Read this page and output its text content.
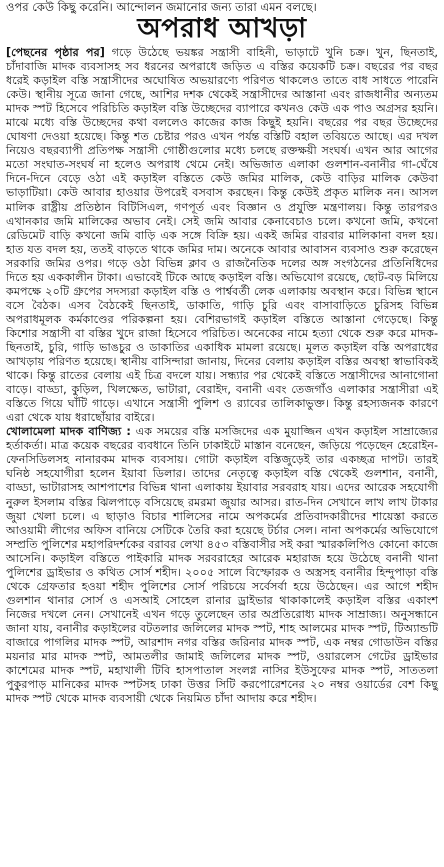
ওপর কেউ কিছু করেনি। আন্দোলন জমানোর জন্য তারা এমন বলছে।
অপরাধ আখড়া

[পেছনের পৃষ্ঠার পর] গড়ে উঠেছে ভয়ঙ্কর সন্ত্রাসী বাহিনী, ভাড়াটে খুনি চক্র। খুন, ছিনতাই, চাঁদাবাজি মাদক ব্যবসাসহ সব ধরনের অপরাধে জড়িত এ বস্তির কয়েকটি চক্র। বছরের পর বছর ধরেই কড়াইল বস্তি সন্ত্রাসীদের অঘোষিত অভয়ারণ্যে পরিণত থাকলেও তাতে বাধ সাধতে পারেনি কেউ। স্থানীয় সূত্রে জানা গেছে, আশির দশক থেকেই সন্ত্রাসীদের আস্তানা এবং রাজধানীর অন্যতম মাদক স্পট হিসেবে পরিচিতি কড়াইল বস্তি উচ্ছেদের ব্যাপারে কখনও কেউ এক পাও অগ্রসর হয়নি। মাঝে মধ্যে বস্তি উচ্ছেদের কথা বললেও কাজের কাজ কিছুই হয়নি। বছরের পর বছর উচ্ছেদের ঘোষণা দেওয়া হয়েছে। কিন্তু শত চেষ্টার পরও এখন পর্যন্ত বস্তিটি বহাল তবিয়তে আছে। এর দখল নিয়েও বছরব্যাপী প্রতিপক্ষ সন্ত্রাসী গোষ্ঠীগুলোর মধ্যে চলছে রক্তক্ষয়ী সংঘর্ষ। এখন আর আগের মতো সংঘাত-সংঘর্ষ না হলেও অপরাধ থেমে নেই। অভিজাত এলাকা গুলশান-বনানীর গা-ঘেঁষে দিনে-দিনে বেড়ে ওঠা এই কড়াইল বস্তিতে কেউ জমির মালিক, কেউ বাড়ির মালিক কেউবা ভাড়াটিয়া। কেউ আবার হাওয়ার উপরেই বসবাস করছেন। কিন্তু কেউই প্রকৃত মালিক নন। আসল মালিক রাষ্ট্রীয় প্রতিষ্ঠান বিটিসিএল, গণপূর্ত এবং বিজ্ঞান ও প্রযুক্তি মন্ত্রণালয়। কিন্তু তারপরও এখানকার জমি মালিকের অভাব নেই। সেই জমি আবার কেনাবেচাও চলে। কখনো জমি, কখনো রেডিমেট বাড়ি কখনো জমি বাড়ি এক সঙ্গে বিক্রি হয়। একই জমির বারবার মালিকানা বদল হয়। হাত যত বদল হয়, ততই বাড়তে থাকে জমির দাম। অনেকে আবার আবাসন ব্যবসাও শুরু করেছেন সরকারি জমির ওপর। গড়ে ওঠা বিভিন্ন ক্লাব ও রাজনৈতিক দলের অঙ্গ সংগঠনের প্রতিনিধিদের দিতে হয় এককালীন টাকা। এভাবেই টিকে আছে কড়াইল বস্তি। অভিযোগ রয়েছে, ছোট-বড় মিলিয়ে কমপক্ষে ২০টি গ্রুপের সদস্যরা কড়াইল বস্তি ও পার্শ্ববর্তী লেক এলাকায় অবস্থান করে। বিভিন্ন স্থানে বসে বৈঠক। এসব বৈঠকেই ছিনতাই, ডাকাতি, গাড়ি চুরি এবং বাসাবাড়িতে চুরিসহ বিভিন্ন অপরাধমূলক কর্মকাণ্ডের পরিকল্পনা হয়। বেশিরভাগই কড়াইল বস্তিতে আস্তানা গেড়েছে। কিন্তু কিশোর সন্ত্রাসী বা বস্তির খুদে রাজা হিসেবে পরিচিত। অনেকের নামে হত্যা থেকে শুরু করে মাদক-ছিনতাই, চুরি, গাড়ি ভাঙচুর ও ডাকাতির একাধিক মামলা রয়েছে। মূলত কড়াইল বস্তি অপরাধের আখড়ায় পরিণত হয়েছে। স্থানীয় বাসিন্দারা জানায়, দিনের বেলায় কড়াইল বস্তির অবস্থা স্বাভাবিকই থাকে। কিন্তু রাতের বেলায় এই চিত্র বদলে যায়। সন্ধ্যার পর থেকেই বস্তিতে সন্ত্রাসীদের আনাগোনা বাড়ে। বাড্ডা, কুড়িল, খিলক্ষেত, ভাটারা, বেরাইদ, বনানী এবং তেজগাঁও এলাকার সন্ত্রাসীরা এই বস্তিতে গিয়ে ঘাঁটি গাড়ে। এখানে সন্ত্রাসী পুলিশ ও র‌্যাবের তালিকাভুক্ত। কিন্তু রহস্যজনক কারণে এরা থেকে যায় ধরাছোঁয়ার বাইরে।

খোলামেলা মাদক বাণিজ্য : এক সময়ের বস্তি মসজিদের এক মুয়াজ্জিন এখন কড়াইল সাম্রাজ্যের হর্তাকর্তা। মাত্র কয়েক বছরের ব্যবধানে তিনি ঢাকাইটে মাস্তান বনেছেন, জড়িয়ে পড়েছেন হেরোইন-ফেনসিডিলসহ নানারকম মাদক ব্যবসায়। গোটা কড়াইল বস্তিজুড়েই তার একচ্ছত্র দাপট। তারই ঘনিষ্ঠ সহযোগীরা হলেন ইয়াবা ডিলার। তাদের নেতৃত্বে কড়াইল বস্তি থেকেই গুলশান, বনানী, বাড্ডা, ভাটারাসহ আশপাশের বিভিন্ন থানা এলাকায় ইয়াবার সরবরাহ যায়। এদের আরেক সহযোগী নুরুল ইসলাম বস্তির ঝিলপাড়ে বসিয়েছে রমরমা জুয়ার আসর। রাত-দিন সেখানে লাখ লাখ টাকার জুয়া খেলা চলে। এ ছাড়াও বিচার শালিসের নামে অপকর্মের প্রতিবাদকারীদের শায়েস্তা করতে আওয়ামী লীগের অফিস বানিয়ে সেটিকে তৈরি করা হয়েছে টর্চার সেল। নানা অপকর্মের অভিযোগে সম্প্রতি পুলিশের মহাপরিদর্শকের বরাবর লেখা ৪৫৩ বস্তিবাসীর সই করা স্মারকলিপিও কোনো কাজে আসেনি। কড়াইল বস্তিতে পাইকারি মাদক সরবরাহের আরেক মহারাজ হয়ে উঠেছে বনানী থানা পুলিশের ড্রাইভার ও কথিত সোর্স শহীদ। ২০০৫ সালে বিস্ফোরক ও অস্ত্রসহ বনানীর হিন্দুপাড়া বস্তি থেকে গ্রেফতার হওয়া শহীদ পুলিশের সোর্স পরিচয়ে সর্বেসর্বা হয়ে উঠেছেন। এর আগে শহীদ গুলশান থানার সোর্স ও এসআই সোহেল রানার ড্রাইভার থাকাকালেই কড়াইল বস্তির একাংশ নিজের দখলে নেন। সেখানেই এখন গড়ে তুলেছেন তার অপ্রতিরোধ্য মাদক সাম্রাজ্য। অনুসন্ধানে জানা যায়, বনানীর কড়াইলের বটতলার জলিলের মাদক স্পট, শাহ আলমের মাদক স্পট, টিঅ্যান্ডটি বাজারে পাগলির মাদক স্পট, আরশাদ নগর বস্তির জরিনার মাদক স্পট, এক নম্বর গোডাউন বস্তির ময়নার মার মাদক স্পট, আমতলীর জামাই জলিলের মাদক স্পট, ওয়ারলেস গেটের ড্রাইভার কাশেমের মাদক স্পট, মহাখালী টিবি হাসপাতাল সংলগ্ন নাসির ইউসুফের মাদক স্পট, সাততলা পুকুরপাড় মানিকের মাদক স্পটসহ ঢাকা উত্তর সিটি করপোরেশনের ২০ নম্বর ওয়ার্ডের বেশ কিছু মাদক স্পট থেকে মাদক ব্যবসায়ী থেকে নিয়মিত চাঁদা আদায় করে শহীদ।
